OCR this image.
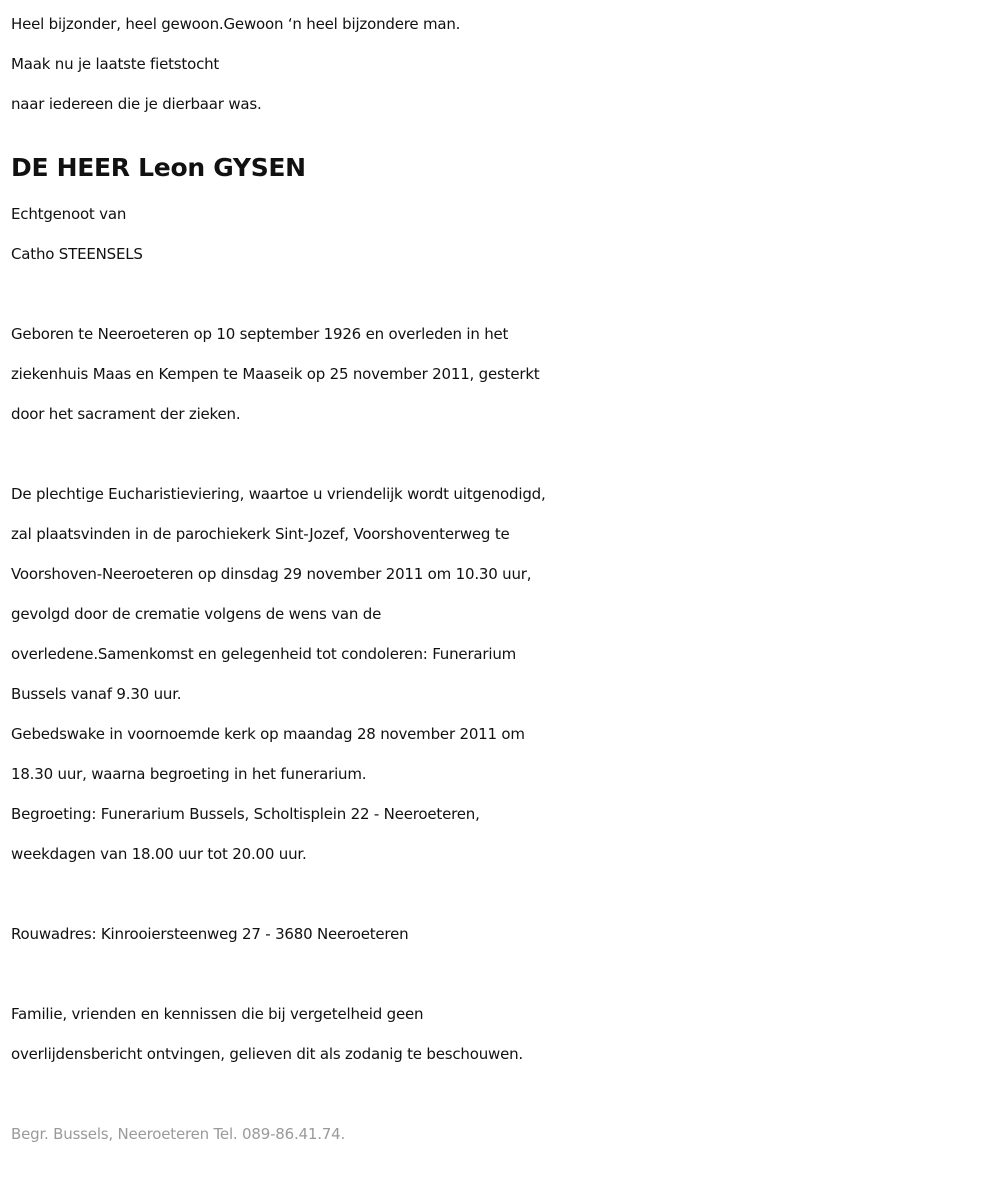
Heel bijzonder, heel gewoon.Gewoon ‘n heel bijzondere man.
Maak nu je laatste fietstocht
naar iedereen die je dierbaar was.
DE HEER Leon GYSEN
Echtgenoot van
Catho STEENSELS
Geboren te Neeroeteren op 10 september 1926 en overleden in het
ziekenhuis Maas en Kempen te Maaseik op 25 november 2011, gesterkt
door het sacrament der zieken.
De plechtige Eucharistieviering, waartoe u vriendelijk wordt uitgenodigd,
zal plaatsvinden in de parochiekerk Sint-Jozef, Voorshoventerweg te
Voorshoven-Neeroeteren op dinsdag 29 november 2011 om 10.30 uur,
gevolgd door de crematie volgens de wens van de
overledene.Samenkomst en gelegenheid tot condoleren: Funerarium
Bussels vanaf 9.30 uur.
Gebedswake in voornoemde kerk op maandag 28 november 2011 om
18.30 uur, waarna begroeting in het funerarium.
Begroeting: Funerarium Bussels, Scholtisplein 22 - Neeroeteren,
weekdagen van 18.00 uur tot 20.00 uur.
Rouwadres: Kinrooiersteenweg 27 - 3680 Neeroeteren
Familie, vrienden en kennissen die bij vergetelheid geen
overlijdensbericht ontvingen, gelieven dit als zodanig te beschouwen.
Begr. Bussels, Neeroeteren Tel. 089-86.41.74.
